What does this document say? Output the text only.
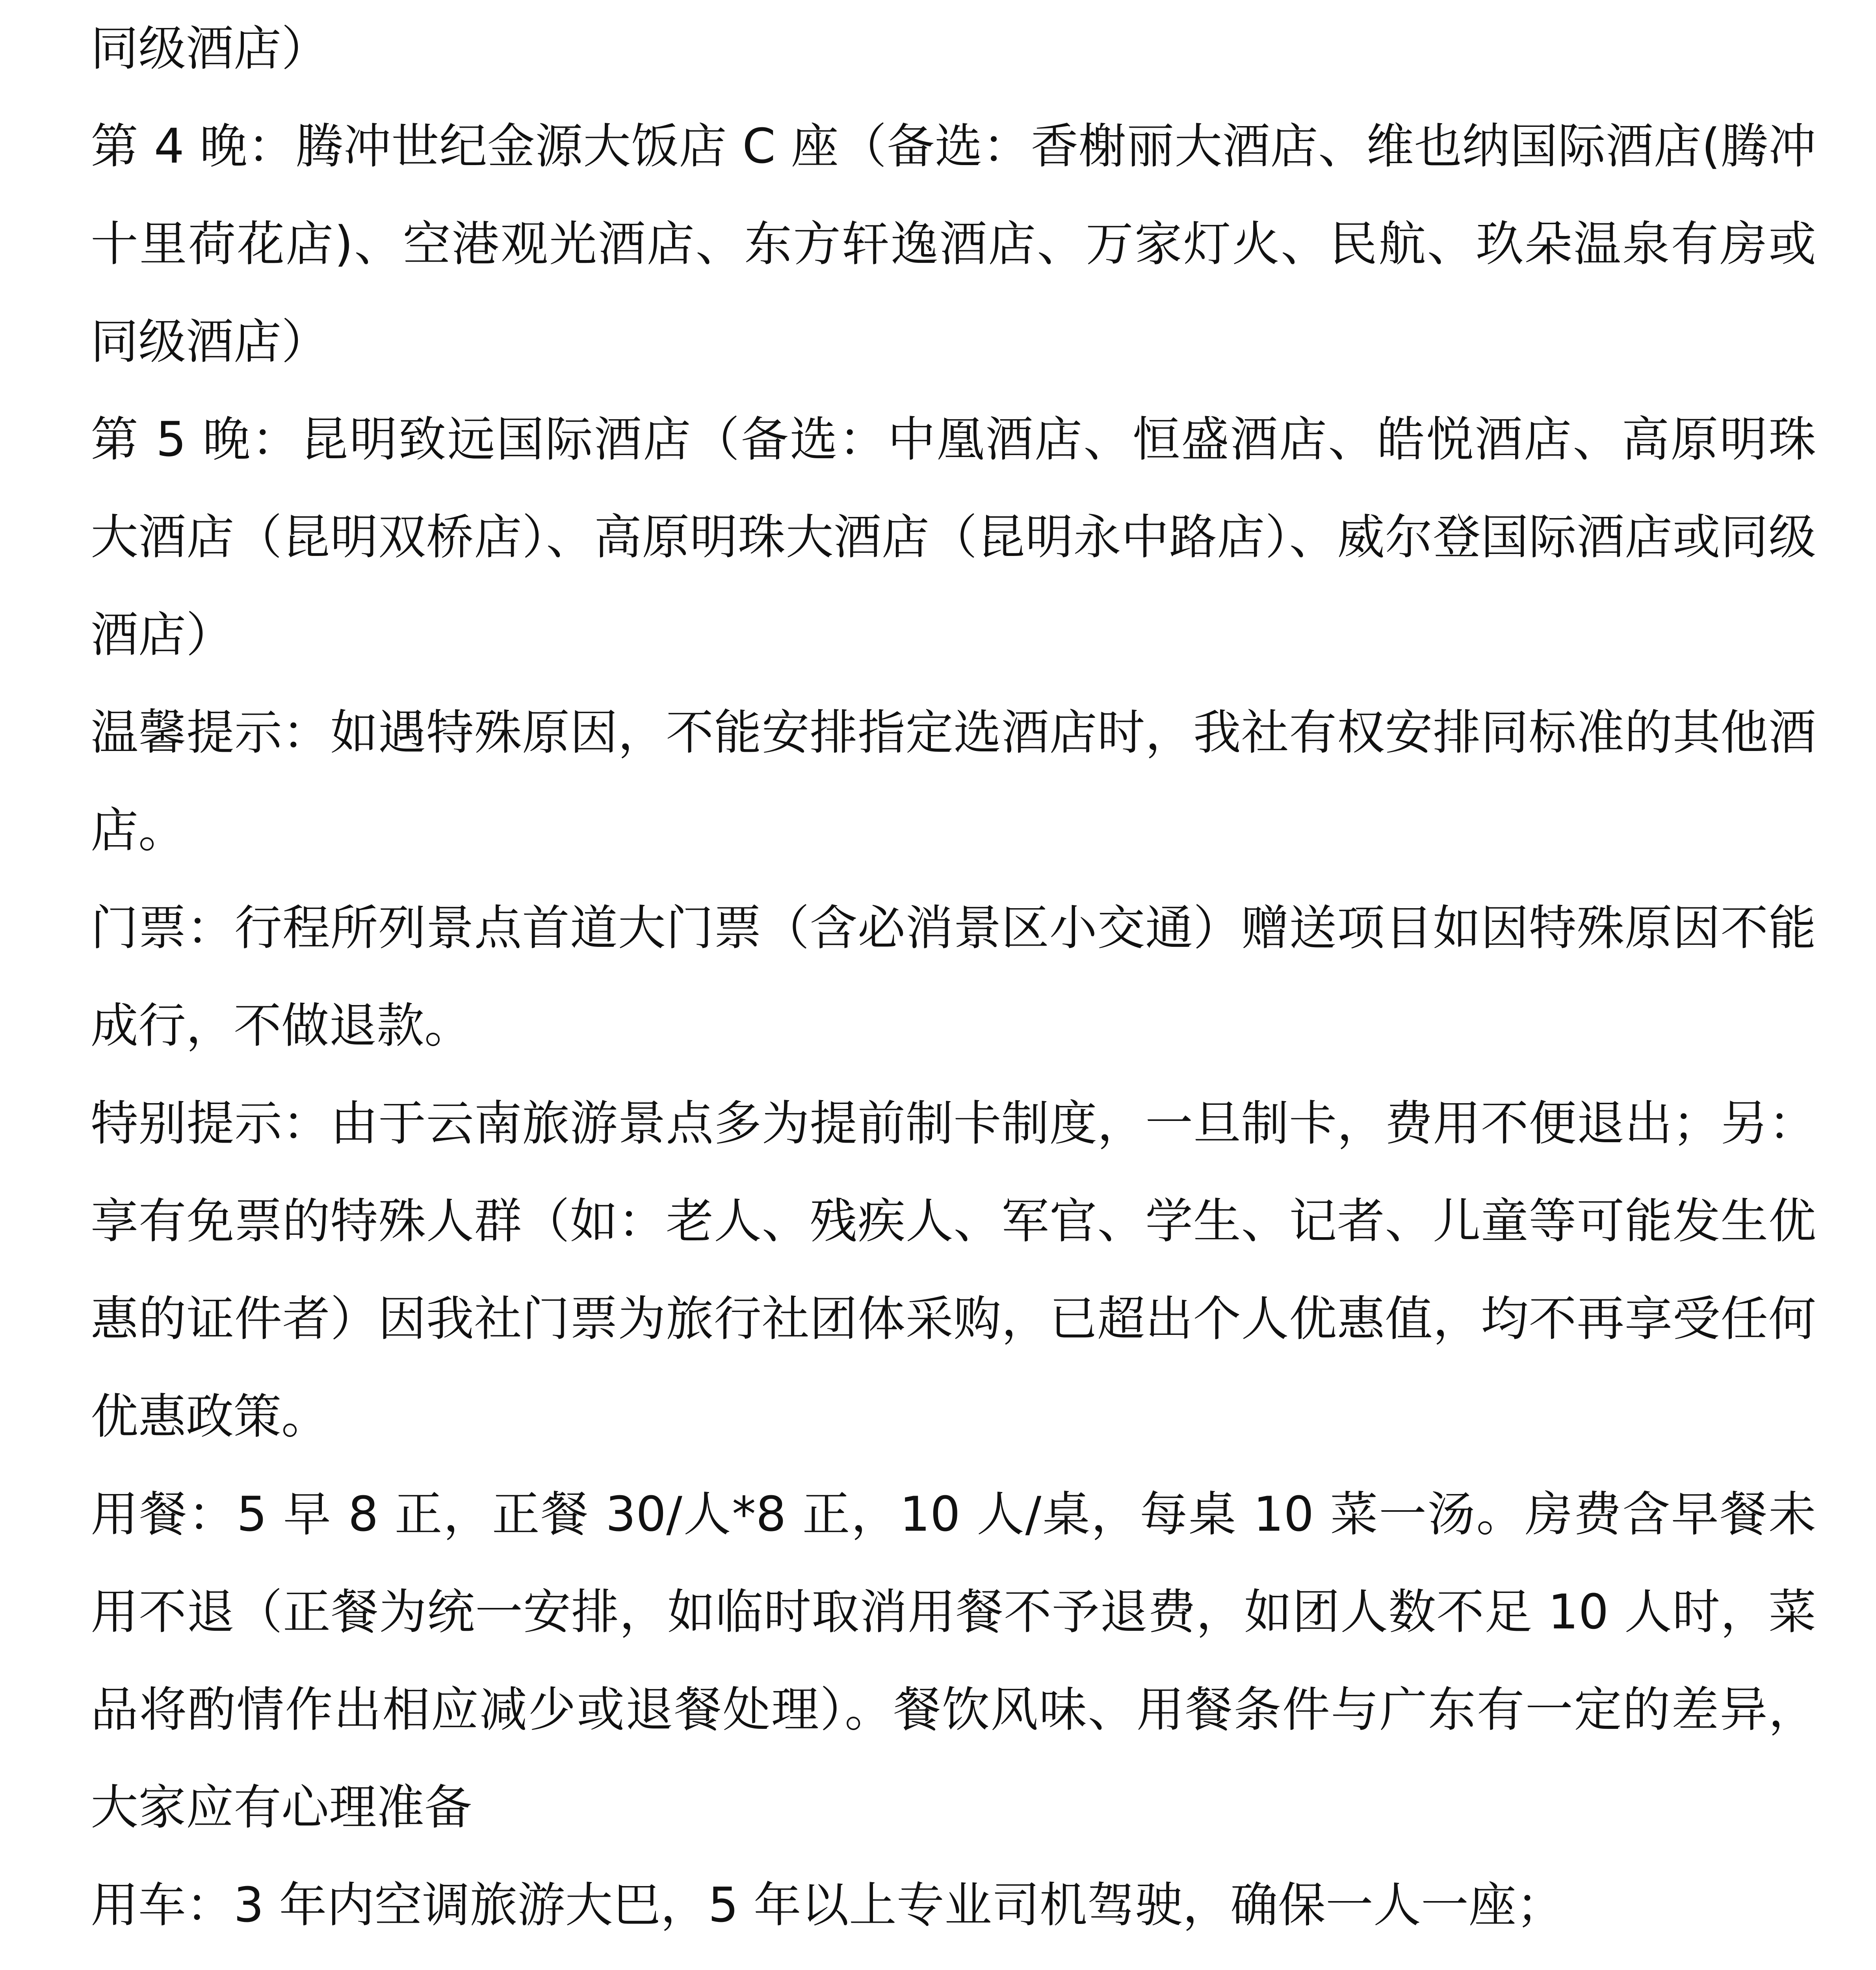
同级酒店）

第 4 晚：腾冲世纪金源大饭店 C 座（备选：香榭丽大酒店、维也纳国际酒店(腾冲十里荷花店)、空港观光酒店、东方轩逸酒店、万家灯火、民航、玖朵温泉有房或同级酒店）

第 5 晚：昆明致远国际酒店（备选：中凰酒店、恒盛酒店、皓悦酒店、高原明珠大酒店（昆明双桥店）、高原明珠大酒店（昆明永中路店）、威尔登国际酒店或同级酒店）

温馨提示：如遇特殊原因，不能安排指定选酒店时，我社有权安排同标准的其他酒店。

门票：行程所列景点首道大门票（含必消景区小交通）赠送项目如因特殊原因不能成行，不做退款。

特别提示：由于云南旅游景点多为提前制卡制度，一旦制卡，费用不便退出；另：享有免票的特殊人群（如：老人、残疾人、军官、学生、记者、儿童等可能发生优惠的证件者）因我社门票为旅行社团体采购，已超出个人优惠值，均不再享受任何优惠政策。

用餐：5 早 8 正，正餐 30/人*8 正，10 人/桌，每桌 10 菜一汤。房费含早餐未用不退（正餐为统一安排，如临时取消用餐不予退费，如团人数不足 10 人时，菜品将酌情作出相应减少或退餐处理）。餐饮风味、用餐条件与广东有一定的差异，大家应有心理准备

用车：3 年内空调旅游大巴，5 年以上专业司机驾驶，确保一人一座；
